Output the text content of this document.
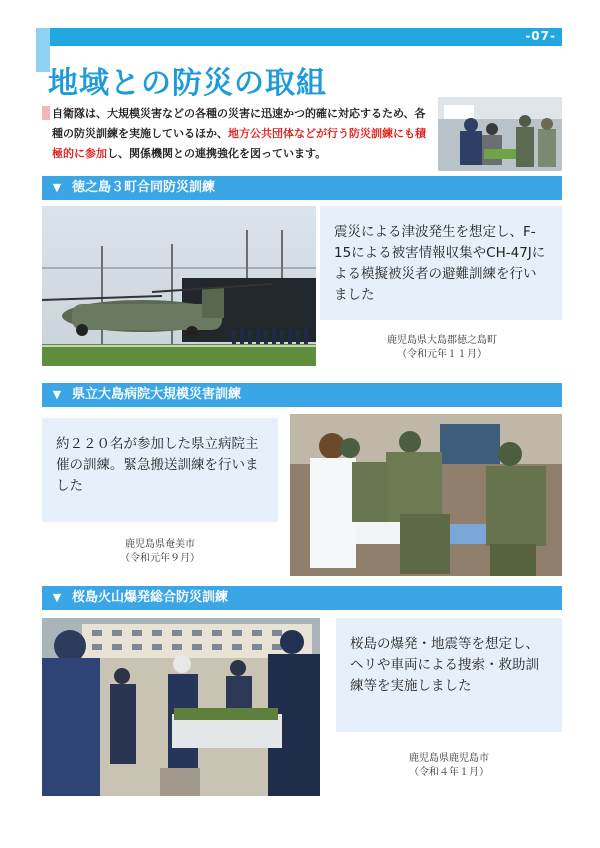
-07-
地域との防災の取組
自衛隊は、大規模災害などの各種の災害に迅速かつ的確に対応するため、各種の防災訓練を実施しているほか、地方公共団体などが行う防災訓練にも積極的に参加し、関係機関との連携強化を図っています。
▼ 徳之島３町合同防災訓練
震災による津波発生を想定し、F-15による被害情報収集やCH-47Jによる模擬被災者の避難訓練を行いました
鹿児島県大島郡徳之島町
（令和元年１１月）
▼ 県立大島病院大規模災害訓練
約２２０名が参加した県立病院主催の訓練。緊急搬送訓練を行いました
鹿児島県奄美市
（令和元年９月）
▼ 桜島火山爆発総合防災訓練
桜島の爆発・地震等を想定し、ヘリや車両による捜索・救助訓練等を実施しました
鹿児島県鹿児島市
（令和４年１月）
